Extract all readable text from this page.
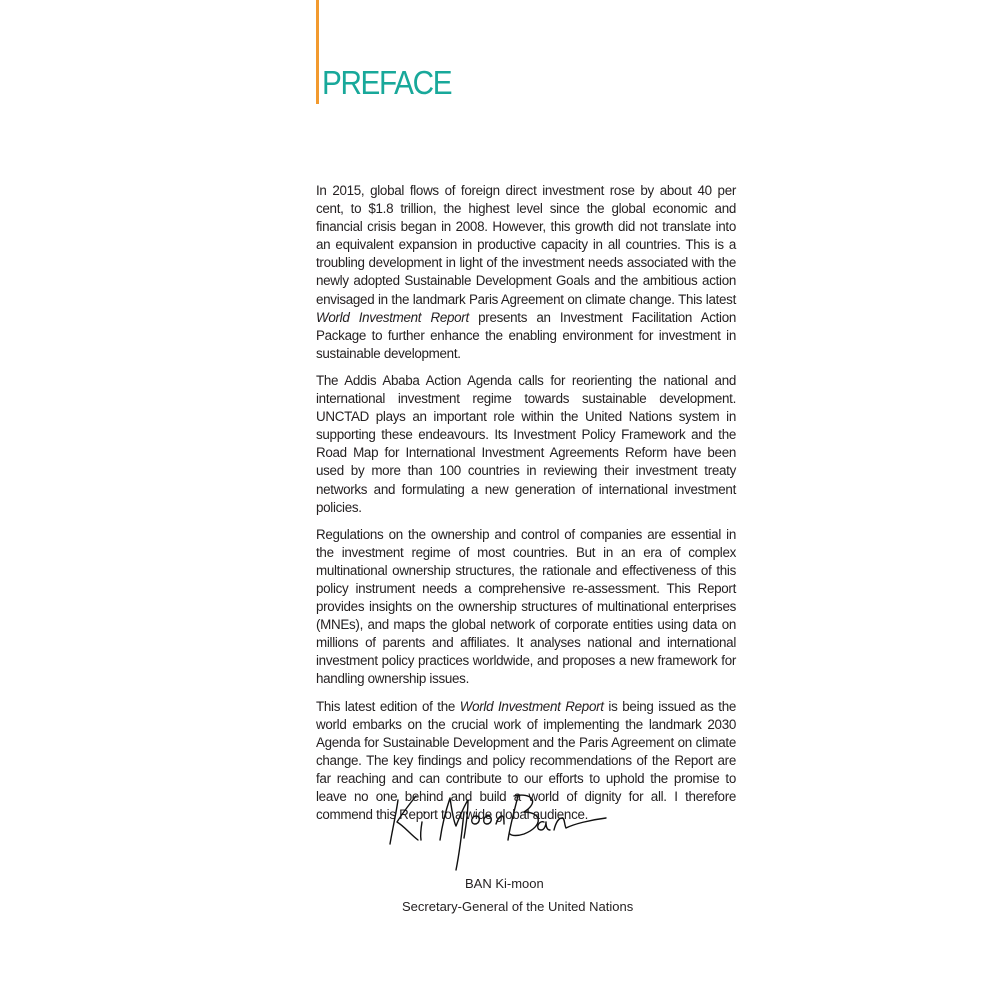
PREFACE

In 2015, global flows of foreign direct investment rose by about 40 per cent, to $1.8 trillion, the highest level since the global economic and financial crisis began in 2008. However, this growth did not translate into an equivalent expansion in productive capacity in all countries. This is a troubling development in light of the investment needs associated with the newly adopted Sustainable Development Goals and the ambitious action envisaged in the landmark Paris Agreement on climate change. This latest World Investment Report presents an Investment Facilitation Action Package to further enhance the enabling environment for investment in sustainable development.

The Addis Ababa Action Agenda calls for reorienting the national and international investment regime towards sustainable development. UNCTAD plays an important role within the United Nations system in supporting these endeavours. Its Investment Policy Framework and the Road Map for International Investment Agreements Reform have been used by more than 100 countries in reviewing their investment treaty networks and formulating a new generation of international investment policies.

Regulations on the ownership and control of companies are essential in the investment regime of most countries. But in an era of complex multinational ownership structures, the rationale and effectiveness of this policy instrument needs a comprehensive re-assessment. This Report provides insights on the ownership structures of multinational enterprises (MNEs), and maps the global network of corporate entities using data on millions of parents and affiliates. It analyses national and international investment policy practices worldwide, and proposes a new framework for handling ownership issues.

This latest edition of the World Investment Report is being issued as the world embarks on the crucial work of implementing the landmark 2030 Agenda for Sustainable Development and the Paris Agreement on climate change. The key findings and policy recommendations of the Report are far reaching and can contribute to our efforts to uphold the promise to leave no one behind and build a world of dignity for all. I therefore commend this Report to a wide global audience.

BAN Ki-moon
Secretary-General of the United Nations
